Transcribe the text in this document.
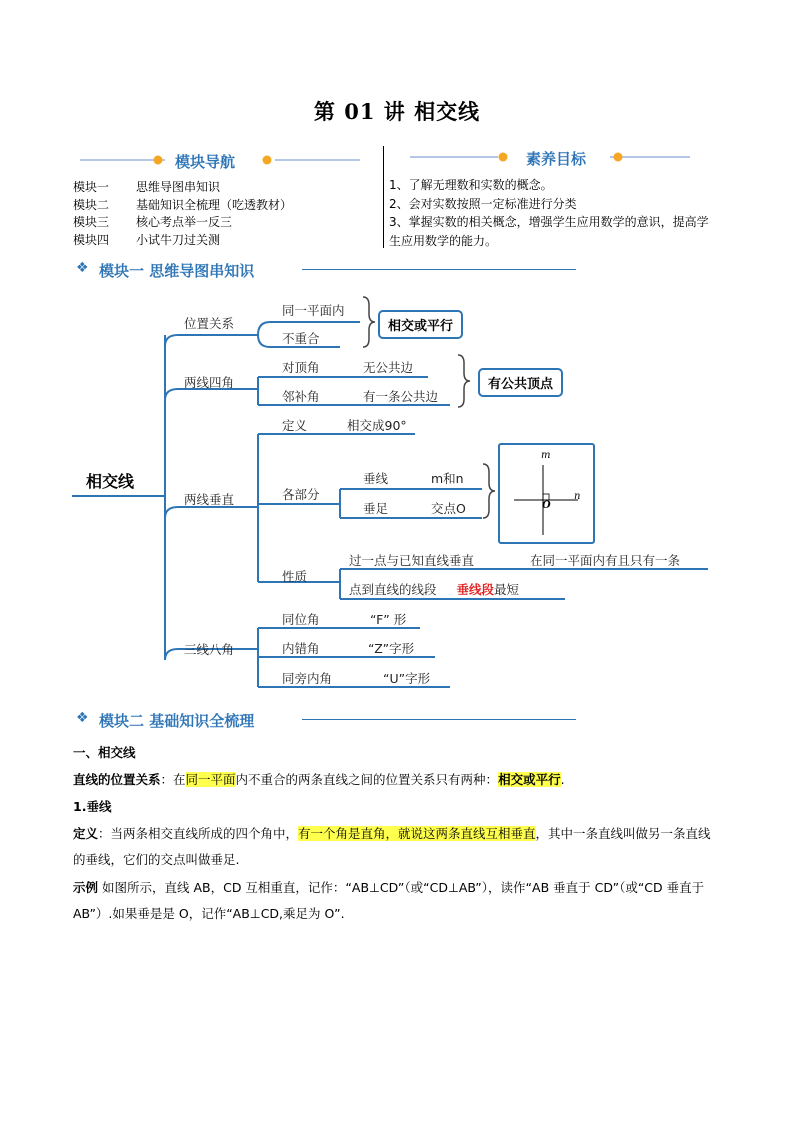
第 01 讲 相交线
模块导航	素养目标
模块一 思维导图串知识
模块二 基础知识全梳理（吃透教材）
模块三 核心考点举一反三
模块四 小试牛刀过关测
1、了解无理数和实数的概念。
2、会对实数按照一定标准进行分类
3、掌握实数的相关概念，增强学生应用数学的意识，提高学生应用数学的能力。
❖ 模块一 思维导图串知识
相交线
位置关系
同一平面内
不重合
相交或平行
两线四角
对顶角	无公共边
邻补角	有一条公共边
有公共顶点
两线垂直
定义	相交成90°
各部分
垂线	m和n
垂足	交点O
m
n
O
性质
过一点与已知直线垂直	在同一平面内有且只有一条
点到直线的线段 垂线段最短
三线八角
同位角	“F” 形
内错角	“Z”字形
同旁内角	“U”字形
❖ 模块二 基础知识全梳理
一、相交线
直线的位置关系：在同一平面内不重合的两条直线之间的位置关系只有两种：相交或平行.
1.垂线
定义：当两条相交直线所成的四个角中，有一个角是直角，就说这两条直线互相垂直，其中一条直线叫做另一条直线的垂线，它们的交点叫做垂足.
示例 如图所示，直线 AB，CD 互相重直，记作：“AB⊥CD”（或“CD⊥AB”），读作“AB 垂直于 CD”（或“CD 垂直于 AB”）.如果垂是是 O，记作“AB⊥CD,乘足为 O”.
